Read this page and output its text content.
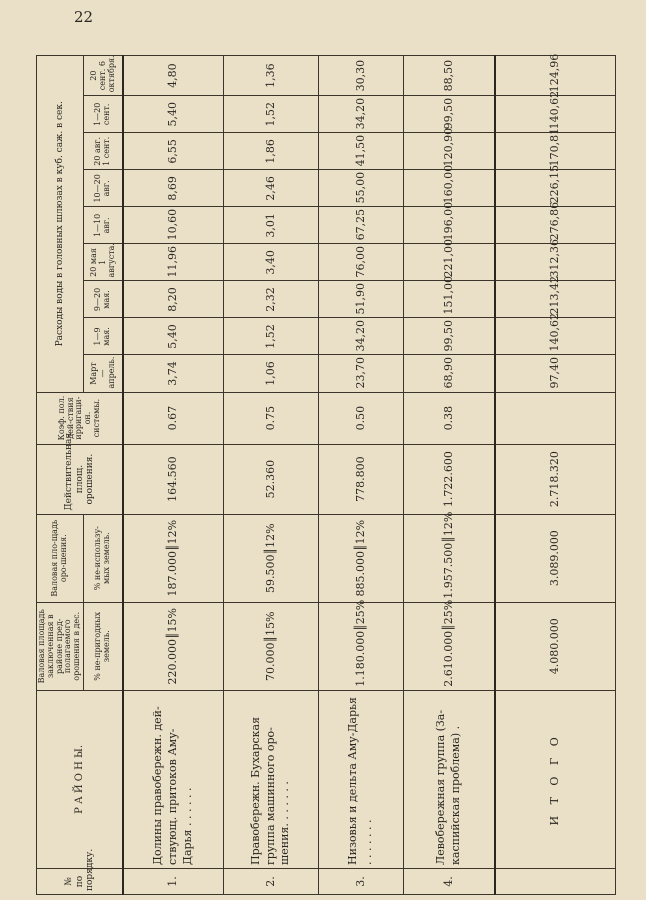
22
№ по порядку.	Р А Й О Н Ы.	Валовая площадь заключенная в районе пред-полагаемого орошения в дес.	Валовая пло-щадь оро-шения.	Действительная площ. орошения.	Коэф. пол. дей-ствия ирригаци-он. системы.	Расходы воды в головных шлюзах в куб. саж. в сек.								
		% не-пригодных земель.	% не-использу-мых земель.			Март—апрель.	1—9 мая.	9—20 мая.	20 мая 1 августа.	1—10 авг.	10—20 авг.	20 авг. 1 сент.	1—20 сент.	20 сент. 6 октября.
1.	Долины правобережн. дей-ствующ. притоков Аму-Дарья . . . . . .	220.000║15%	187.000║12%	164.560	0.67	3,74	5,40	8,20	11,96	10,60	8,69	6,55	5,40	4,80
2.	Правобережн. Бухарская группа машинного оро-шения. . . . . . .	70.000║15%	59.500║12%	52.360	0.75	1,06	1,52	2,32	3,40	3,01	2,46	1,86	1,52	1,36
3.	Низовья и дельта Аму-Дарья . . . . . . .	1.180.000║25%	885.000║12%	778.800	0.50	23,70	34,20	51,90	76,00	67,25	55,00	41,50	34,20	30,30
4.	Левобережная группа (За-каспийская проблема) .	2.610.000║25%	1.957.500║12%	1.722.600	0.38	68,90	99,50	151,00	221,00	196,00	160,00	120,90	99,50	88,50
	И Т О Г О	4.080.000	3.089.000	2.718.320		97,40	140,62	213,42	312,36	276,86	226,15	170,81	140,62	124,96
